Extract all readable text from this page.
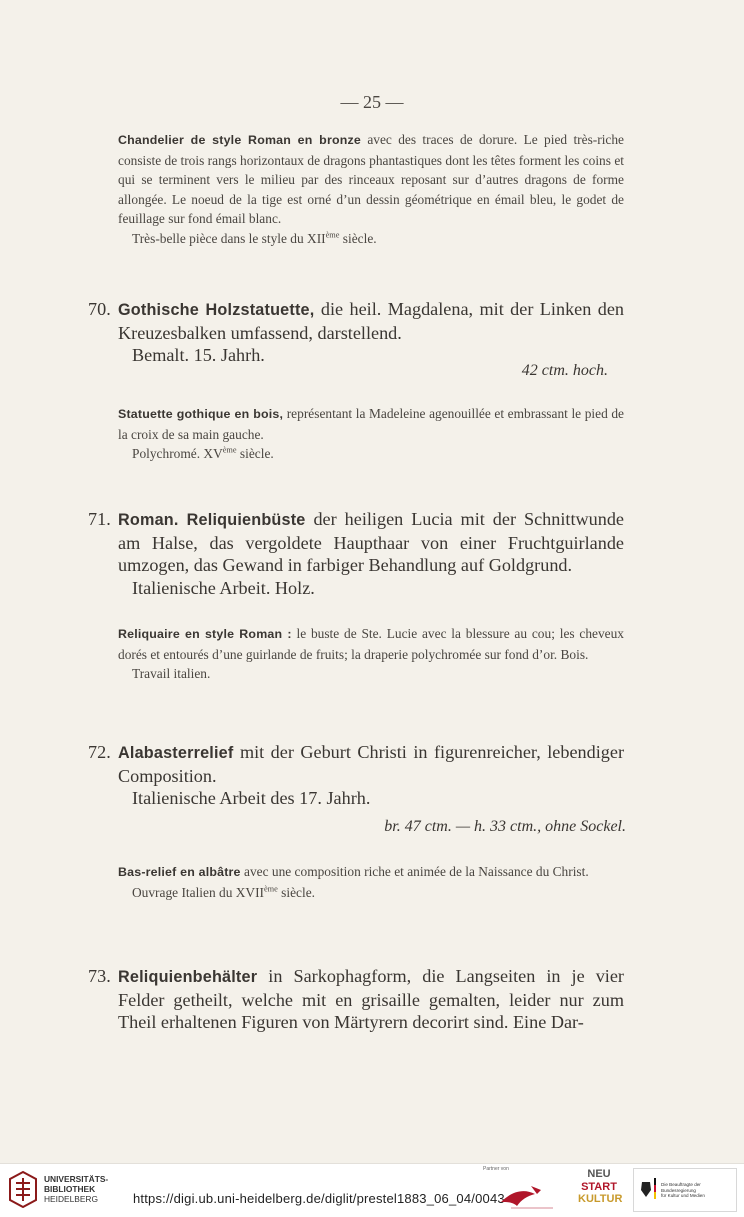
— 25 —
Chandelier de style Roman en bronze avec des traces de dorure. Le pied très-riche consiste de trois rangs horizontaux de dragons phantastiques dont les têtes forment les coins et qui se terminent vers le milieu par des rinceaux reposant sur d’autres dragons de forme allongée. Le noeud de la tige est orné d’un dessin géométrique en émail bleu, le godet de feuillage sur fond émail blanc.
Très-belle pièce dans le style du XIIème siècle.
70. Gothische Holzstatuette, die heil. Magdalena, mit der Linken den Kreuzesbalken umfassend, darstellend.
Bemalt. 15. Jahrh.
42 ctm. hoch.
Statuette gothique en bois, représentant la Madeleine agenouillée et embrassant le pied de la croix de sa main gauche.
Polychromé. XVème siècle.
71. Roman. Reliquienbüste der heiligen Lucia mit der Schnittwunde am Halse, das vergoldete Haupthaar von einer Fruchtguirlande umzogen, das Gewand in farbiger Behandlung auf Goldgrund.
Italienische Arbeit. Holz.
Reliquaire en style Roman : le buste de Ste. Lucie avec la blessure au cou; les cheveux dorés et entourés d’une guirlande de fruits; la draperie polychromée sur fond d’or. Bois.
Travail italien.
72. Alabasterrelief mit der Geburt Christi in figurenreicher, lebendiger Composition.
Italienische Arbeit des 17. Jahrh.
br. 47 ctm. — h. 33 ctm., ohne Sockel.
Bas-relief en albâtre avec une composition riche et animée de la Naissance du Christ.
Ouvrage Italien du XVIIème siècle.
73. Reliquienbehälter in Sarkophagform, die Langseiten in je vier Felder getheilt, welche mit en grisaille gemalten, leider nur zum Theil erhaltenen Figuren von Märtyrern decorirt sind. Eine Dar-
UNIVERSITÄTS-
BIBLIOTHEK
HEIDELBERG	https://digi.ub.uni-heidelberg.de/diglit/prestel1883_06_04/0043
Partner von	NEU
START
KULTUR
Die Beauftragte der Bundesregierung
für Kultur und Medien
